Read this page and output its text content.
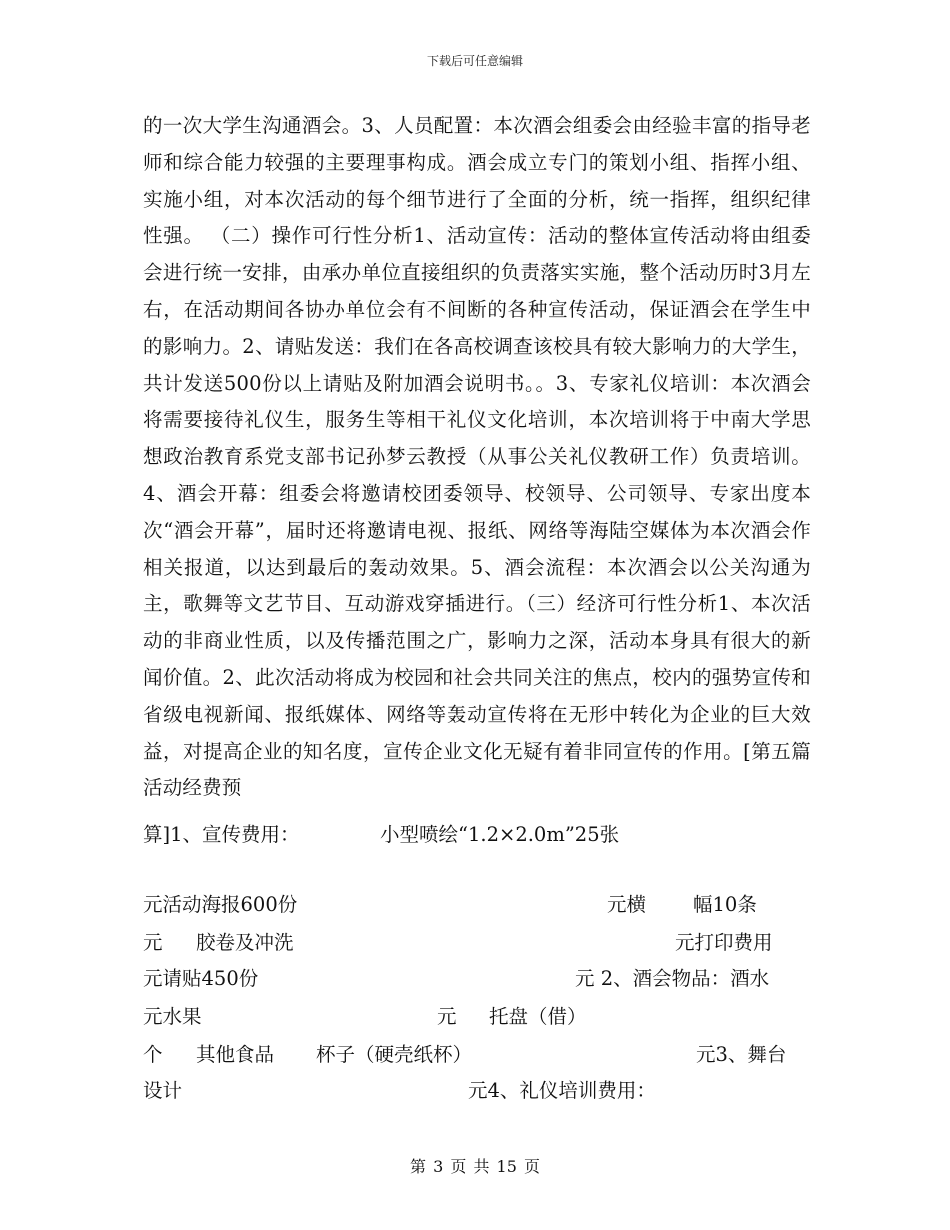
下载后可任意编辑

的一次大学生沟通酒会。3、人员配置：本次酒会组委会由经验丰富的指导老师和综合能力较强的主要理事构成。酒会成立专门的策划小组、指挥小组、实施小组，对本次活动的每个细节进行了全面的分析，统一指挥，组织纪律性强。 （二）操作可行性分析1、活动宣传：活动的整体宣传活动将由组委会进行统一安排，由承办单位直接组织的负责落实实施，整个活动历时3月左右，在活动期间各协办单位会有不间断的各种宣传活动，保证酒会在学生中的影响力。2、请贴发送：我们在各高校调查该校具有较大影响力的大学生，共计发送500份以上请贴及附加酒会说明书。。3、专家礼仪培训：本次酒会将需要接待礼仪生，服务生等相干礼仪文化培训，本次培训将于中南大学思想政治教育系党支部书记孙梦云教授（从事公关礼仪教研工作）负责培训。4、酒会开幕：组委会将邀请校团委领导、校领导、公司领导、专家出度本次“酒会开幕”，届时还将邀请电视、报纸、网络等海陆空媒体为本次酒会作相关报道，以达到最后的轰动效果。5、酒会流程：本次酒会以公关沟通为主，歌舞等文艺节目、互动游戏穿插进行。（三）经济可行性分析1、本次活动的非商业性质，以及传播范围之广，影响力之深，活动本身具有很大的新闻价值。2、此次活动将成为校园和社会共同关注的焦点，校内的强势宣传和省级电视新闻、报纸媒体、网络等轰动宣传将在无形中转化为企业的巨大效益，对提高企业的知名度，宣传企业文化无疑有着非同宣传的作用。[第五篇 活动经费预

算]1、宣传费用：	小型喷绘“1.2×2.0m”25张
元活动海报600份	元横 幅10条
元 胶卷及冲洗	元打印费用
元请贴450份	元 2、酒会物品：酒水
元水果	元 托盘（借）
个 其他食品 杯子（硬壳纸杯）	元3、舞台
设计	元4、礼仪培训费用：
第 3 页 共 15 页
